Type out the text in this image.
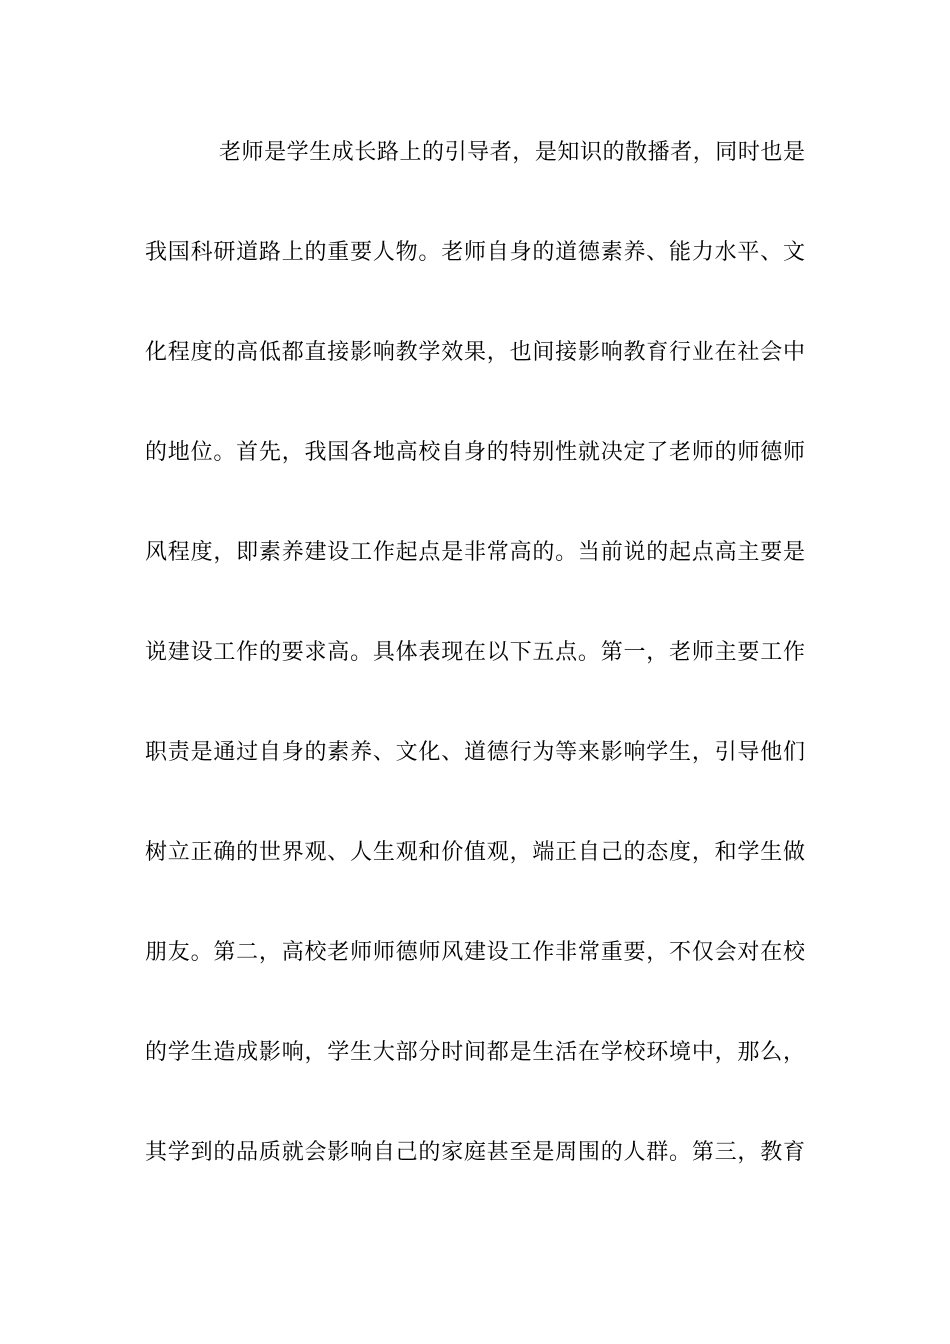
老师是学生成长路上的引导者，是知识的散播者，同时也是
我国科研道路上的重要人物。老师自身的道德素养、能力水平、文
化程度的高低都直接影响教学效果，也间接影响教育行业在社会中
的地位。首先，我国各地高校自身的特别性就决定了老师的师德师
风程度，即素养建设工作起点是非常高的。当前说的起点高主要是
说建设工作的要求高。具体表现在以下五点。第一，老师主要工作
职责是通过自身的素养、文化、道德行为等来影响学生，引导他们
树立正确的世界观、人生观和价值观，端正自己的态度，和学生做
朋友。第二，高校老师师德师风建设工作非常重要，不仅会对在校
的学生造成影响，学生大部分时间都是生活在学校环境中，那么，
其学到的品质就会影响自己的家庭甚至是周围的人群。第三，教育
